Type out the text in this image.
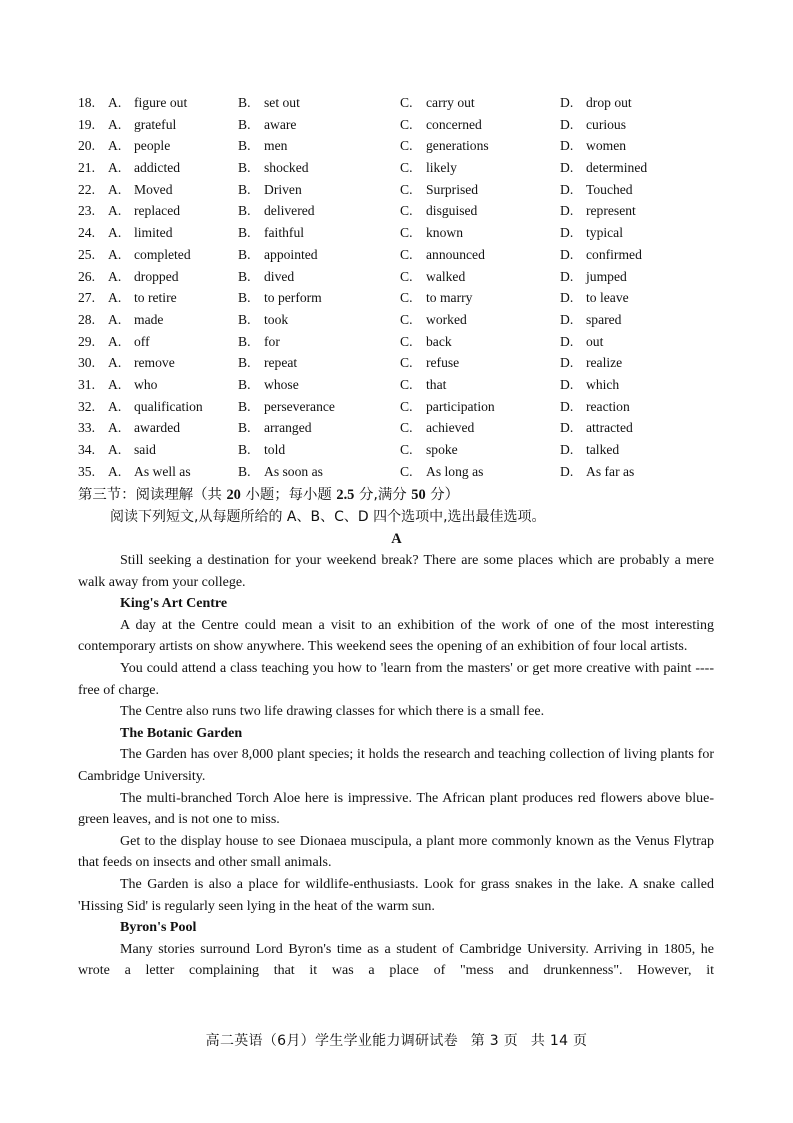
18. A. figure out	B. set out	C. carry out	D. drop out
19. A. grateful	B. aware	C. concerned	D. curious
20. A. people	B. men	C. generations	D. women
21. A. addicted	B. shocked	C. likely	D. determined
22. A. Moved	B. Driven	C. Surprised	D. Touched
23. A. replaced	B. delivered	C. disguised	D. represent
24. A. limited	B. faithful	C. known	D. typical
25. A. completed	B. appointed	C. announced	D. confirmed
26. A. dropped	B. dived	C. walked	D. jumped
27. A. to retire	B. to perform	C. to marry	D. to leave
28. A. made	B. took	C. worked	D. spared
29. A. off	B. for	C. back	D. out
30. A. remove	B. repeat	C. refuse	D. realize
31. A. who	B. whose	C. that	D. which
32. A. qualification	B. perseverance	C. participation	D. reaction
33. A. awarded	B. arranged	C. achieved	D. attracted
34. A. said	B. told	C. spoke	D. talked
35. A. As well as	B. As soon as	C. As long as	D. As far as
第三节：阅读理解（共 20 小题；每小题 2.5 分,满分 50 分）
阅读下列短文,从每题所给的 A、B、C、D 四个选项中,选出最佳选项。
A

Still seeking a destination for your weekend break? There are some places which are probably a mere walk away from your college.

King's Art Centre

A day at the Centre could mean a visit to an exhibition of the work of one of the most interesting contemporary artists on show anywhere. This weekend sees the opening of an exhibition of four local artists.

You could attend a class teaching you how to 'learn from the masters' or get more creative with paint ---- free of charge.

The Centre also runs two life drawing classes for which there is a small fee.

The Botanic Garden

The Garden has over 8,000 plant species; it holds the research and teaching collection of living plants for Cambridge University.

The multi-branched Torch Aloe here is impressive. The African plant produces red flowers above blue-green leaves, and is not one to miss.

Get to the display house to see Dionaea muscipula, a plant more commonly known as the Venus Flytrap that feeds on insects and other small animals.

The Garden is also a place for wildlife-enthusiasts. Look for grass snakes in the lake. A snake called 'Hissing Sid' is regularly seen lying in the heat of the warm sun.

Byron's Pool

Many stories surround Lord Byron's time as a student of Cambridge University. Arriving in 1805, he wrote a letter complaining that it was a place of "mess and drunkenness". However, it

高二英语（6月）学生学业能力调研试卷 第 3 页 共 14 页
